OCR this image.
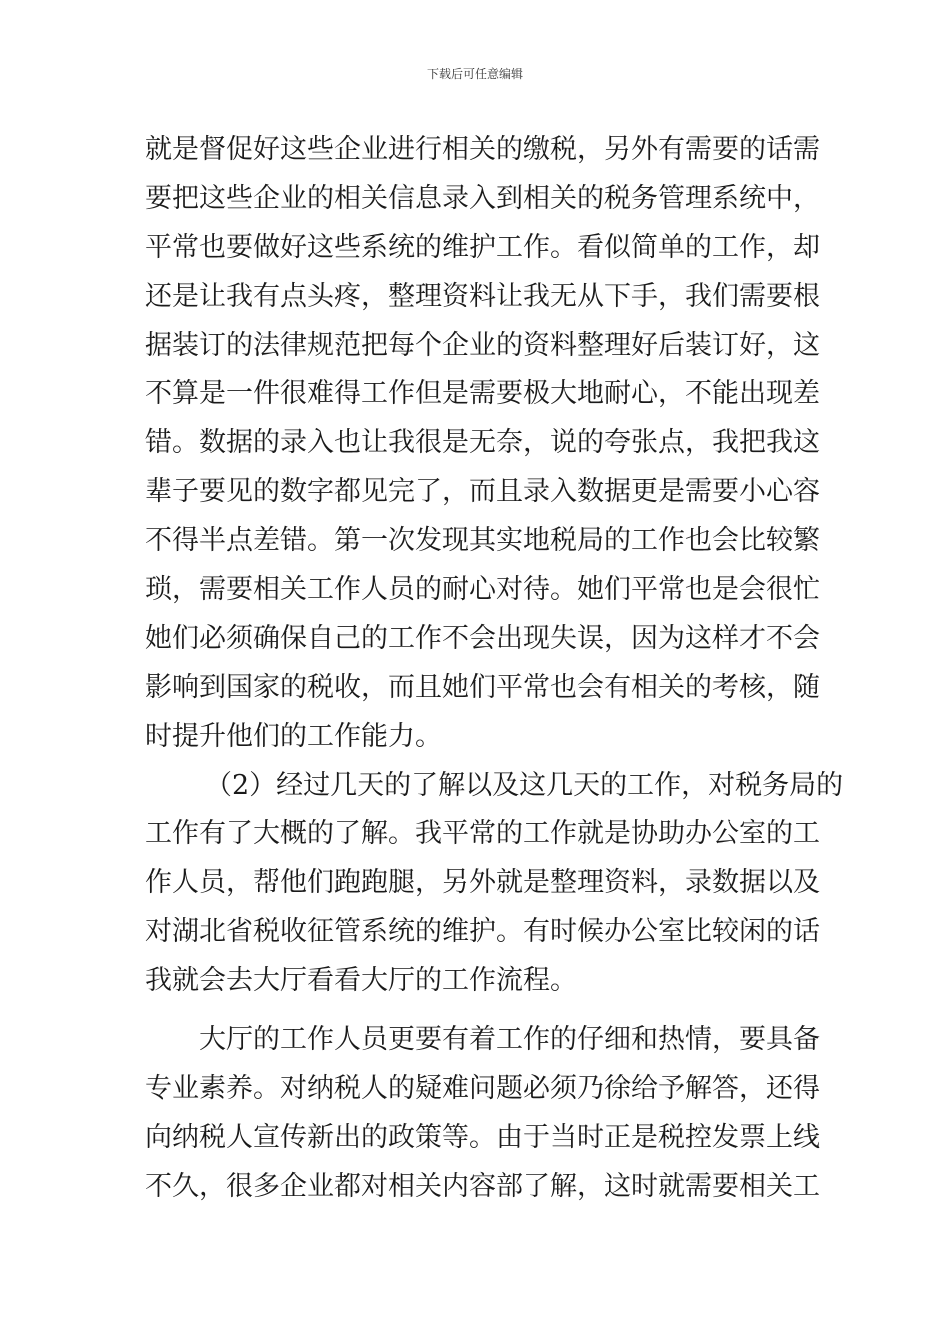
下载后可任意编辑
就是督促好这些企业进行相关的缴税，另外有需要的话需
要把这些企业的相关信息录入到相关的税务管理系统中，
平常也要做好这些系统的维护工作。看似简单的工作，却
还是让我有点头疼，整理资料让我无从下手，我们需要根
据装订的法律规范把每个企业的资料整理好后装订好，这
不算是一件很难得工作但是需要极大地耐心，不能出现差
错。数据的录入也让我很是无奈，说的夸张点，我把我这
辈子要见的数字都见完了，而且录入数据更是需要小心容
不得半点差错。第一次发现其实地税局的工作也会比较繁
琐，需要相关工作人员的耐心对待。她们平常也是会很忙
她们必须确保自己的工作不会出现失误，因为这样才不会
影响到国家的税收，而且她们平常也会有相关的考核，随
时提升他们的工作能力。
（2）经过几天的了解以及这几天的工作，对税务局的
工作有了大概的了解。我平常的工作就是协助办公室的工
作人员，帮他们跑跑腿，另外就是整理资料，录数据以及
对湖北省税收征管系统的维护。有时候办公室比较闲的话
我就会去大厅看看大厅的工作流程。
大厅的工作人员更要有着工作的仔细和热情，要具备
专业素养。对纳税人的疑难问题必须乃徐给予解答，还得
向纳税人宣传新出的政策等。由于当时正是税控发票上线
不久，很多企业都对相关内容部了解，这时就需要相关工
